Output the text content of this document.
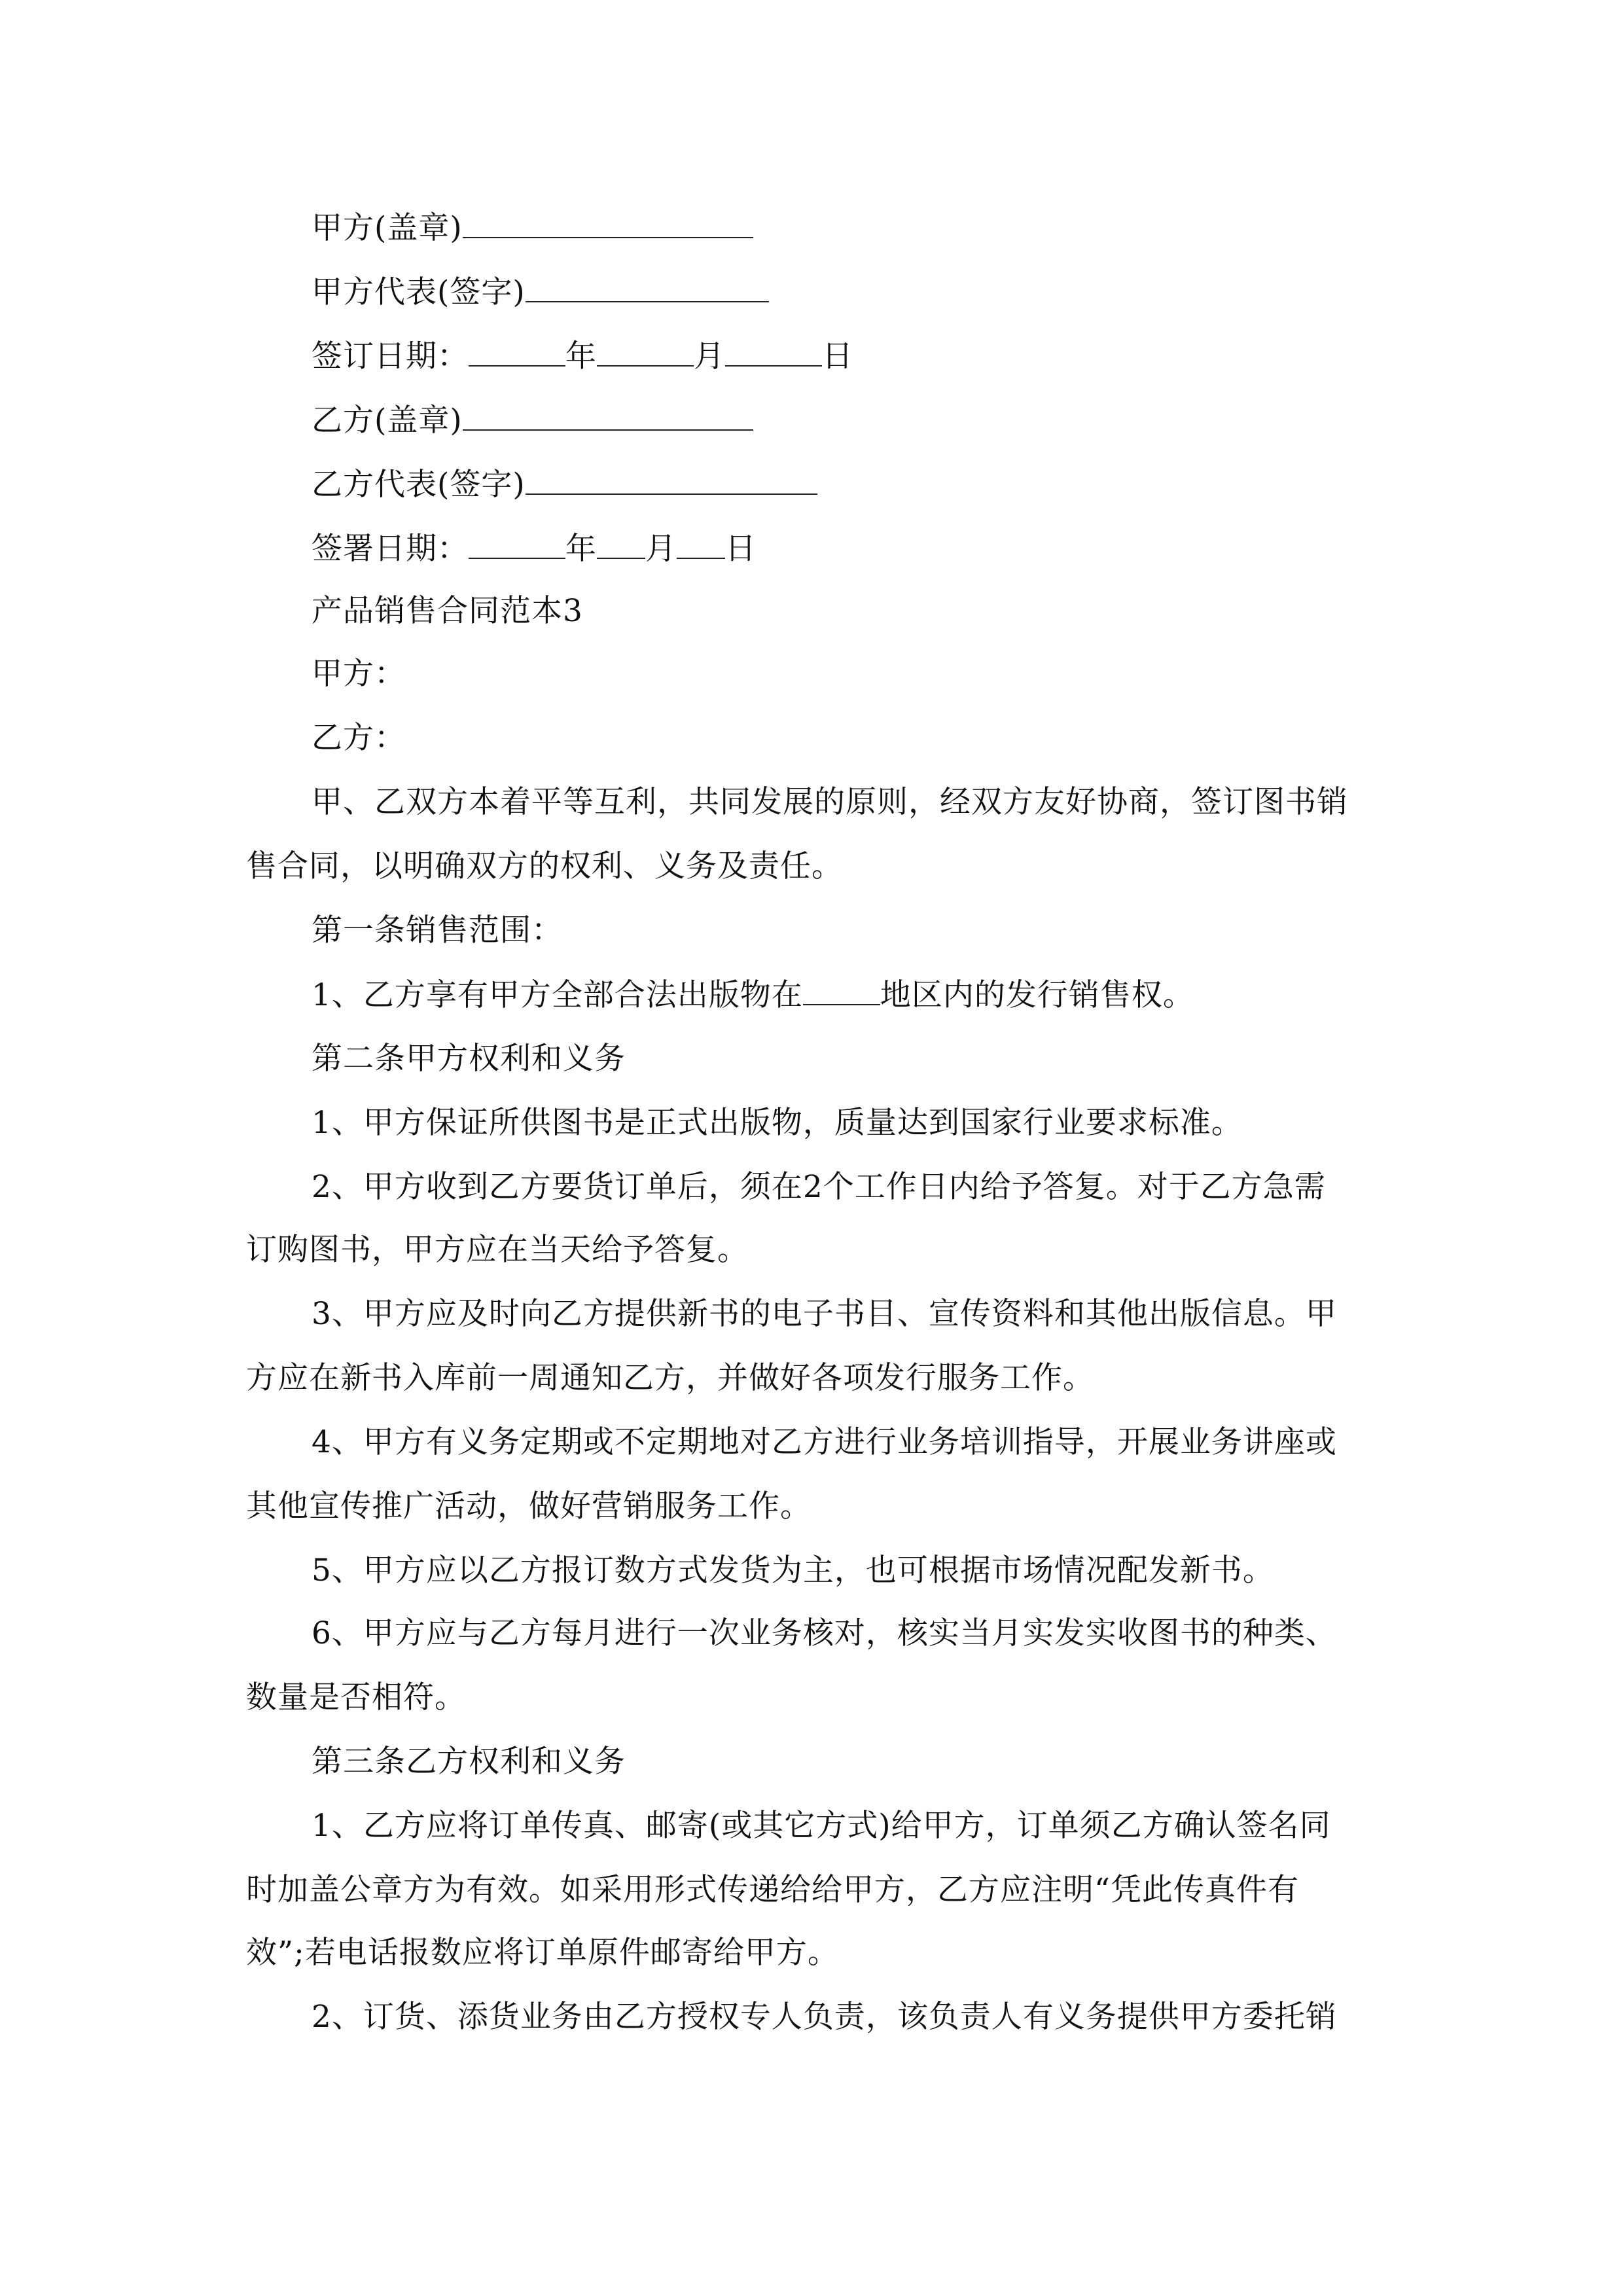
甲方(盖章)
甲方代表(签字)
签订日期：	年	月	日
乙方(盖章)
乙方代表(签字)
签署日期：	年 月 日
产品销售合同范本3
甲方：
乙方：
甲、乙双方本着平等互利，共同发展的原则，经双方友好协商，签订图书销
售合同，以明确双方的权利、义务及责任。
第一条销售范围：
1、乙方享有甲方全部合法出版物在	地区内的发行销售权。
第二条甲方权利和义务
1、甲方保证所供图书是正式出版物，质量达到国家行业要求标准。
2、甲方收到乙方要货订单后，须在2个工作日内给予答复。对于乙方急需
订购图书，甲方应在当天给予答复。
3、甲方应及时向乙方提供新书的电子书目、宣传资料和其他出版信息。甲
方应在新书入库前一周通知乙方，并做好各项发行服务工作。
4、甲方有义务定期或不定期地对乙方进行业务培训指导，开展业务讲座或
其他宣传推广活动，做好营销服务工作。
5、甲方应以乙方报订数方式发货为主，也可根据市场情况配发新书。
6、甲方应与乙方每月进行一次业务核对，核实当月实发实收图书的种类、
数量是否相符。
第三条乙方权利和义务
1、乙方应将订单传真、邮寄(或其它方式)给甲方，订单须乙方确认签名同
时加盖公章方为有效。如采用形式传递给给甲方，乙方应注明“凭此传真件有
效”;若电话报数应将订单原件邮寄给甲方。
2、订货、添货业务由乙方授权专人负责，该负责人有义务提供甲方委托销
